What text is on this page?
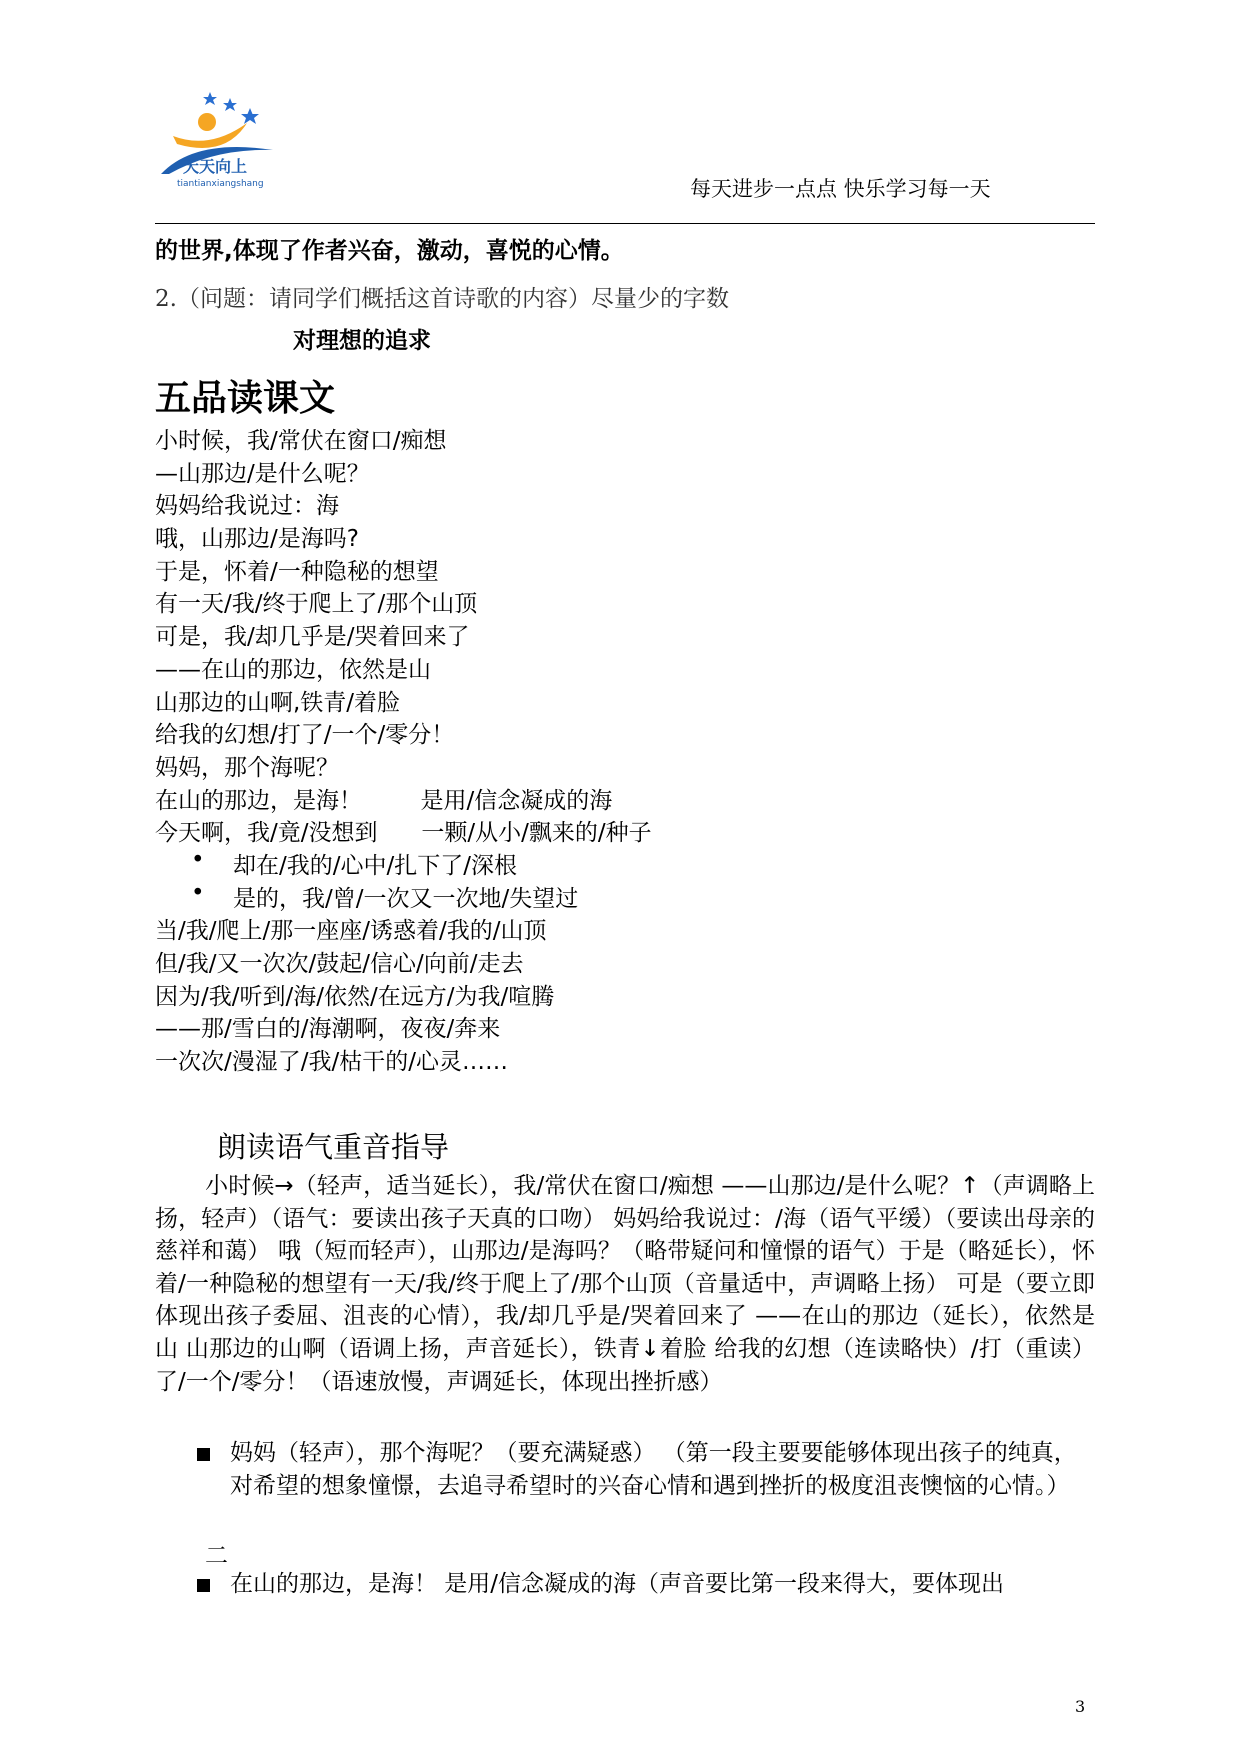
天天向上
tiantianxiangshang	每天进步一点点 快乐学习每一天
的世界,体现了作者兴奋，激动，喜悦的心情。
2.（问题：请同学们概括这首诗歌的内容）尽量少的字数
对理想的追求
五品读课文
小时候，我/常伏在窗口/痴想
—山那边/是什么呢？
妈妈给我说过：海
哦，山那边/是海吗?
于是，怀着/一种隐秘的想望
有一天/我/终于爬上了/那个山顶
可是，我/却几乎是/哭着回来了
——在山的那边，依然是山
山那边的山啊,铁青/着脸
给我的幻想/打了/一个/零分！
妈妈，那个海呢？
在山的那边，是海！        是用/信念凝成的海
今天啊，我/竟/没想到      一颗/从小/飘来的/种子
• 却在/我的/心中/扎下了/深根
• 是的，我/曾/一次又一次地/失望过
当/我/爬上/那一座座/诱惑着/我的/山顶
但/我/又一次次/鼓起/信心/向前/走去
因为/我/听到/海/依然/在远方/为我/喧腾
——那/雪白的/海潮啊，夜夜/奔来
一次次/漫湿了/我/枯干的/心灵……
朗读语气重音指导
小时候→（轻声，适当延长），我/常伏在窗口/痴想 ——山那边/是什么呢？↑（声调略上扬，轻声）（语气：要读出孩子天真的口吻） 妈妈给我说过：/海（语气平缓）（要读出母亲的慈祥和蔼） 哦（短而轻声），山那边/是海吗？（略带疑问和憧憬的语气）于是（略延长），怀着/一种隐秘的想望有一天/我/终于爬上了/那个山顶（音量适中，声调略上扬） 可是（要立即体现出孩子委屈、沮丧的心情），我/却几乎是/哭着回来了 ——在山的那边（延长），依然是山 山那边的山啊（语调上扬，声音延长），铁青↓着脸 给我的幻想（连读略快）/打（重读）了/一个/零分！（语速放慢，声调延长，体现出挫折感）
妈妈（轻声），那个海呢？（要充满疑惑） （第一段主要要能够体现出孩子的纯真，对希望的想象憧憬，去追寻希望时的兴奋心情和遇到挫折的极度沮丧懊恼的心情。）
二
在山的那边，是海！ 是用/信念凝成的海（声音要比第一段来得大，要体现出
3
